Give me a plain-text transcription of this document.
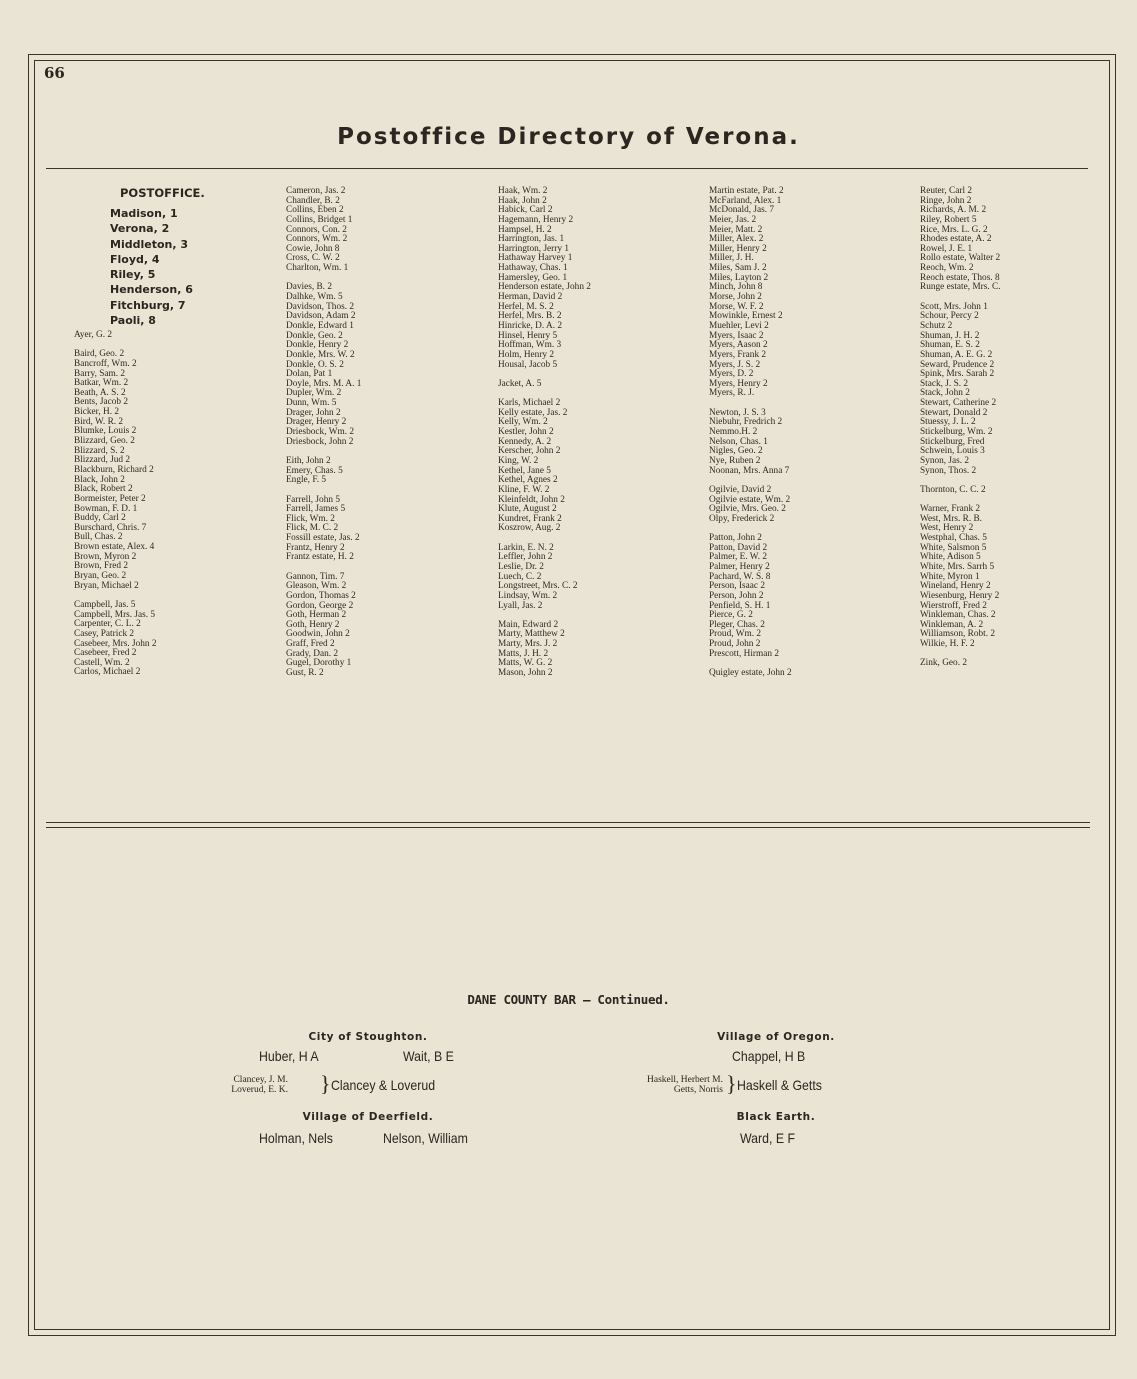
66
Postoffice Directory of Verona.
POSTOFFICE.
Madison, 1
Verona, 2
Middleton, 3
Floyd, 4
Riley, 5
Henderson, 6
Fitchburg, 7
Paoli, 8
Ayer, G. 2
Baird, Geo. 2
Bancroff, Wm. 2
Barry, Sam. 2
Batkar, Wm. 2
Beath, A. S. 2
Bents, Jacob 2
Bicker, H. 2
Bird, W. R. 2
Blumke, Louis 2
Blizzard, Geo. 2
Blizzard, S. 2
Blizzard, Jud 2
Blackburn, Richard 2
Black, John 2
Black, Robert 2
Bormeister, Peter 2
Bowman, F. D. 1
Buddy, Carl 2
Burschard, Chris. 7
Bull, Chas. 2
Brown estate, Alex. 4
Brown, Myron 2
Brown, Fred 2
Bryan, Geo. 2
Bryan, Michael 2
Campbell, Jas. 5
Campbell, Mrs. Jas. 5
Carpenter, C. L. 2
Casey, Patrick 2
Casebeer, Mrs. John 2
Casebeer, Fred 2
Castell, Wm. 2
Carlos, Michael 2
Cameron, Jas. 2
Chandler, B. 2
Collins, Eben 2
Collins, Bridget 1
Connors, Con. 2
Connors, Wm. 2
Cowie, John 8
Cross, C. W. 2
Charlton, Wm. 1
Davies, B. 2
Dalhke, Wm. 5
Davidson, Thos. 2
Davidson, Adam 2
Donkle, Edward 1
Donkle, Geo. 2
Donkle, Henry 2
Donkle, Mrs. W. 2
Donkle, O. S. 2
Dolan, Pat 1
Doyle, Mrs. M. A. 1
Dupler, Wm. 2
Dunn, Wm. 5
Drager, John 2
Drager, Henry 2
Driesbock, Wm. 2
Driesbock, John 2
Eith, John 2
Emery, Chas. 5
Engle, F. 5
Farrell, John 5
Farrell, James 5
Flick, Wm. 2
Flick, M. C. 2
Fossill estate, Jas. 2
Frantz, Henry 2
Frantz estate, H. 2
Gannon, Tim. 7
Gleason, Wm. 2
Gordon, Thomas 2
Gordon, George 2
Goth, Herman 2
Goth, Henry 2
Goodwin, John 2
Graff, Fred 2
Grady, Dan. 2
Gugel, Dorothy 1
Gust, R. 2
Haak, Wm. 2
Haak, John 2
Habick, Carl 2
Hagemann, Henry 2
Hampsel, H. 2
Harrington, Jas. 1
Harrington, Jerry 1
Hathaway Harvey 1
Hathaway, Chas. 1
Hamersley, Geo. 1
Henderson estate, John 2
Herman, David 2
Herfel, M. S. 2
Herfel, Mrs. B. 2
Hinricke, D. A. 2
Hinsel, Henry 5
Hoffman, Wm. 3
Holm, Henry 2
Housal, Jacob 5
Jacket, A. 5
Karls, Michael 2
Kelly estate, Jas. 2
Kelly, Wm. 2
Kestler, John 2
Kennedy, A. 2
Kerscher, John 2
King, W. 2
Kethel, Jane 5
Kethel, Agnes 2
Kline, F. W. 2
Kleinfeldt, John 2
Klute, August 2
Kundret, Frank 2
Koszrow, Aug. 2
Larkin, E. N. 2
Leffler, John 2
Leslie, Dr. 2
Luech, C. 2
Longstreet, Mrs. C. 2
Lindsay, Wm. 2
Lyall, Jas. 2
Main, Edward 2
Marty, Matthew 2
Marty, Mrs. J. 2
Matts, J. H. 2
Matts, W. G. 2
Mason, John 2
Martin estate, Pat. 2
McFarland, Alex. 1
McDonald, Jas. 7
Meier, Jas. 2
Meier, Matt. 2
Miller, Alex. 2
Miller, Henry 2
Miller, J. H.
Miles, Sam J. 2
Miles, Layton 2
Minch, John 8
Morse, John 2
Morse, W. F. 2
Mowinkle, Ernest 2
Muehler, Levi 2
Myers, Isaac 2
Myers, Aason 2
Myers, Frank 2
Myers, J. S. 2
Myers, D. 2
Myers, Henry 2
Myers, R. J.
Newton, J. S. 3
Niebuhr, Fredrich 2
Nemmo.H. 2
Nelson, Chas. 1
Nigles, Geo. 2
Nye, Ruben 2
Noonan, Mrs. Anna 7
Ogilvie, David 2
Ogilvie estate, Wm. 2
Ogilvie, Mrs. Geo. 2
Olpy, Frederick 2
Patton, John 2
Patton, David 2
Palmer, E. W. 2
Palmer, Henry 2
Pachard, W. S. 8
Person, Isaac 2
Person, John 2
Penfield, S. H. 1
Pierce, G. 2
Pleger, Chas. 2
Proud, Wm. 2
Proud, John 2
Prescott, Hirman 2
Quigley estate, John 2
Reuter, Carl 2
Ringe, John 2
Richards, A. M. 2
Riley, Robert 5
Rice, Mrs. L. G. 2
Rhodes estate, A. 2
Rowel, J. E. 1
Rollo estate, Walter 2
Reoch, Wm. 2
Reoch estate, Thos. 8
Runge estate, Mrs. C.
Scott, Mrs. John 1
Schour, Percy 2
Schutz 2
Shuman, J. H. 2
Shuman, E. S. 2
Shuman, A. E. G. 2
Seward, Prudence 2
Spink, Mrs. Sarah 2
Stack, J. S. 2
Stack, John 2
Stewart, Catherine 2
Stewart, Donald 2
Stuessy, J. L. 2
Stickelburg, Wm. 2
Stickelburg, Fred
Schwein, Louis 3
Synon, Jas. 2
Synon, Thos. 2
Thornton, C. C. 2
Warner, Frank 2
West, Mrs. R. B.
West, Henry 2
Westphal, Chas. 5
White, Salsmon 5
White, Adison 5
White, Mrs. Sarrh 5
White, Myron 1
Wineland, Henry 2
Wiesenburg, Henry 2
Wierstroff, Fred 2
Winkleman, Chas. 2
Winkleman, A. 2
Williamson, Robt. 2
Wilkie, H. F. 2
Zink, Geo. 2
DANE COUNTY BAR — Continued.
City of Stoughton.
Huber, H A	Wait, B E
Clancey, J. M.
Loverud, E. K. } Clancey & Loverud
Village of Oregon.
Chappel, H B
Haskell, Herbert M.
Getts, Norris } Haskell & Getts
Village of Deerfield.
Holman, Nels	Nelson, William
Black Earth.
Ward, E F
